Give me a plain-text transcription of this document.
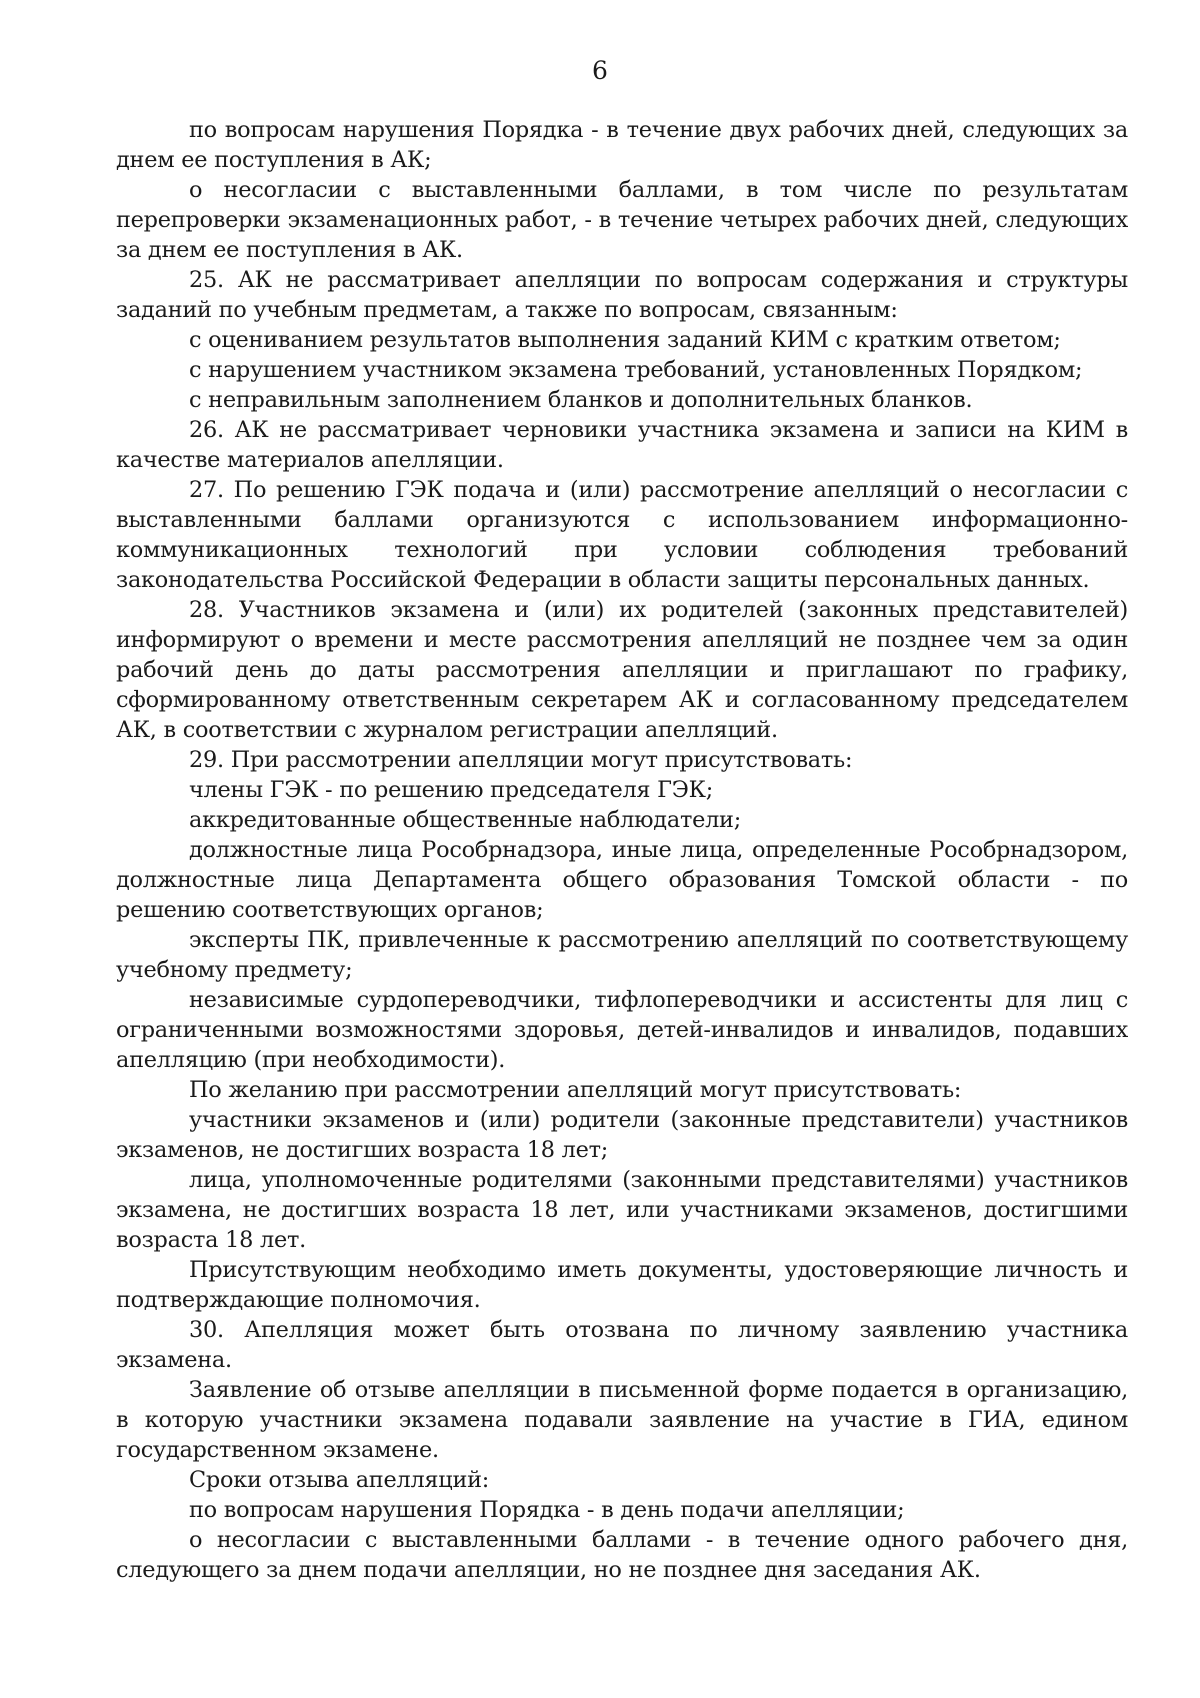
6

по вопросам нарушения Порядка - в течение двух рабочих дней, следующих за днем ее поступления в АК;

о несогласии с выставленными баллами, в том числе по результатам перепроверки экзаменационных работ, - в течение четырех рабочих дней, следующих за днем ее поступления в АК.

25. АК не рассматривает апелляции по вопросам содержания и структуры заданий по учебным предметам, а также по вопросам, связанным:

с оцениванием результатов выполнения заданий КИМ с кратким ответом;

с нарушением участником экзамена требований, установленных Порядком;

с неправильным заполнением бланков и дополнительных бланков.

26. АК не рассматривает черновики участника экзамена и записи на КИМ в качестве материалов апелляции.

27. По решению ГЭК подача и (или) рассмотрение апелляций о несогласии с выставленными баллами организуются с использованием информационно-коммуникационных технологий при условии соблюдения требований законодательства Российской Федерации в области защиты персональных данных.

28. Участников экзамена и (или) их родителей (законных представителей) информируют о времени и месте рассмотрения апелляций не позднее чем за один рабочий день до даты рассмотрения апелляции и приглашают по графику, сформированному ответственным секретарем АК и согласованному председателем АК, в соответствии с журналом регистрации апелляций.

29. При рассмотрении апелляции могут присутствовать:

члены ГЭК - по решению председателя ГЭК;

аккредитованные общественные наблюдатели;

должностные лица Рособрнадзора, иные лица, определенные Рособрнадзором, должностные лица Департамента общего образования Томской области - по решению соответствующих органов;

эксперты ПК, привлеченные к рассмотрению апелляций по соответствующему учебному предмету;

независимые сурдопереводчики, тифлопереводчики и ассистенты для лиц с ограниченными возможностями здоровья, детей-инвалидов и инвалидов, подавших апелляцию (при необходимости).

По желанию при рассмотрении апелляций могут присутствовать:

участники экзаменов и (или) родители (законные представители) участников экзаменов, не достигших возраста 18 лет;

лица, уполномоченные родителями (законными представителями) участников экзамена, не достигших возраста 18 лет, или участниками экзаменов, достигшими возраста 18 лет.

Присутствующим необходимо иметь документы, удостоверяющие личность и подтверждающие полномочия.

30. Апелляция может быть отозвана по личному заявлению участника экзамена.

Заявление об отзыве апелляции в письменной форме подается в организацию, в которую участники экзамена подавали заявление на участие в ГИА, едином государственном экзамене.

Сроки отзыва апелляций:

по вопросам нарушения Порядка - в день подачи апелляции;

о несогласии с выставленными баллами - в течение одного рабочего дня, следующего за днем подачи апелляции, но не позднее дня заседания АК.
